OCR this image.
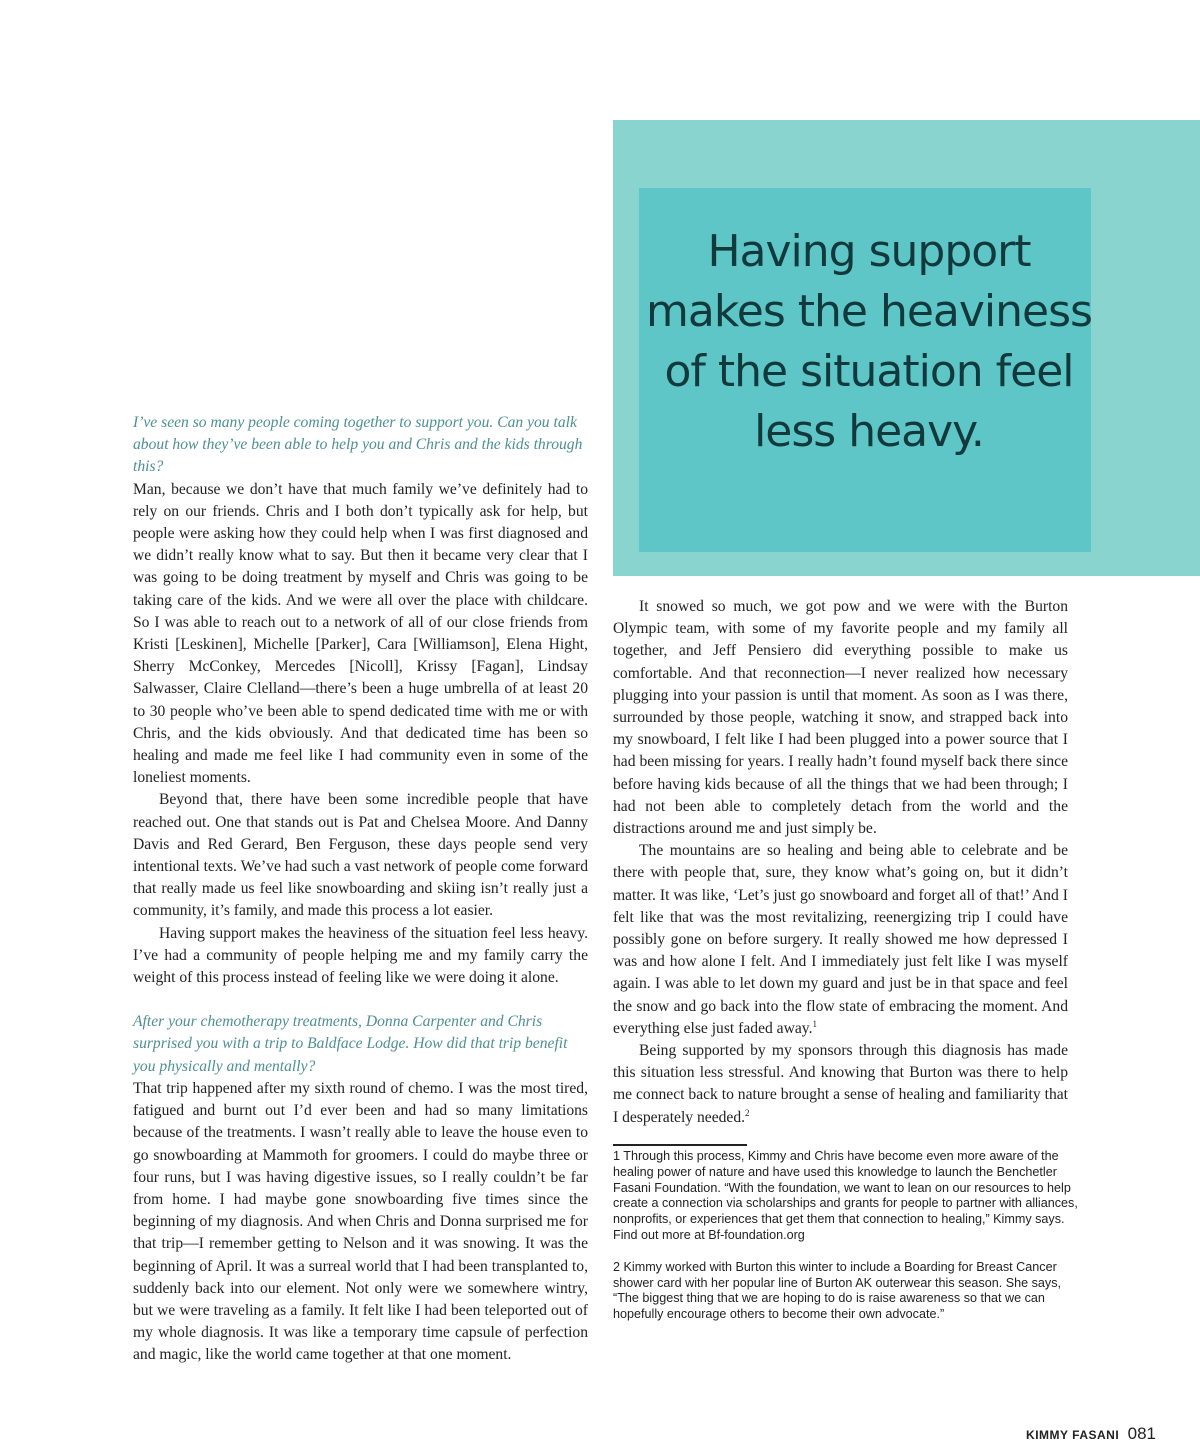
Having support makes the heaviness of the situation feel less heavy.

I’ve seen so many people coming together to support you. Can you talk about how they’ve been able to help you and Chris and the kids through this?

Man, because we don’t have that much family we’ve definitely had to rely on our friends. Chris and I both don’t typically ask for help, but people were asking how they could help when I was first diagnosed and we didn’t really know what to say. But then it became very clear that I was going to be doing treatment by myself and Chris was going to be taking care of the kids. And we were all over the place with childcare. So I was able to reach out to a network of all of our close friends from Kristi [Leskinen], Michelle [Parker], Cara [Williamson], Elena Hight, Sherry McConkey, Mercedes [Nicoll], Krissy [Fagan], Lindsay Salwasser, Claire Clelland—there’s been a huge umbrella of at least 20 to 30 people who’ve been able to spend dedicated time with me or with Chris, and the kids obviously. And that dedicated time has been so healing and made me feel like I had community even in some of the loneliest moments.

Beyond that, there have been some incredible people that have reached out. One that stands out is Pat and Chelsea Moore. And Danny Davis and Red Gerard, Ben Ferguson, these days people send very intentional texts. We’ve had such a vast network of people come forward that really made us feel like snowboarding and skiing isn’t really just a community, it’s family, and made this process a lot easier.

Having support makes the heaviness of the situation feel less heavy. I’ve had a community of people helping me and my family carry the weight of this process instead of feeling like we were doing it alone.

After your chemotherapy treatments, Donna Carpenter and Chris surprised you with a trip to Baldface Lodge. How did that trip benefit you physically and mentally?

That trip happened after my sixth round of chemo. I was the most tired, fatigued and burnt out I’d ever been and had so many limitations because of the treatments. I wasn’t really able to leave the house even to go snowboarding at Mammoth for groomers. I could do maybe three or four runs, but I was having digestive issues, so I really couldn’t be far from home. I had maybe gone snowboarding five times since the beginning of my diagnosis. And when Chris and Donna surprised me for that trip—I remember getting to Nelson and it was snowing. It was the beginning of April. It was a surreal world that I had been transplanted to, suddenly back into our element. Not only were we somewhere wintry, but we were traveling as a family. It felt like I had been teleported out of my whole diagnosis. It was like a temporary time capsule of perfection and magic, like the world came together at that one moment.

It snowed so much, we got pow and we were with the Burton Olympic team, with some of my favorite people and my family all together, and Jeff Pensiero did everything possible to make us comfortable. And that reconnection—I never realized how necessary plugging into your passion is until that moment. As soon as I was there, surrounded by those people, watching it snow, and strapped back into my snowboard, I felt like I had been plugged into a power source that I had been missing for years. I really hadn’t found myself back there since before having kids because of all the things that we had been through; I had not been able to completely detach from the world and the distractions around me and just simply be.

The mountains are so healing and being able to celebrate and be there with people that, sure, they know what’s going on, but it didn’t matter. It was like, ‘Let’s just go snowboard and forget all of that!’ And I felt like that was the most revitalizing, reenergizing trip I could have possibly gone on before surgery. It really showed me how depressed I was and how alone I felt. And I immediately just felt like I was myself again. I was able to let down my guard and just be in that space and feel the snow and go back into the flow state of embracing the moment. And everything else just faded away.$^1$

Being supported by my sponsors through this diagnosis has made this situation less stressful. And knowing that Burton was there to help me connect back to nature brought a sense of healing and familiarity that I desperately needed.$^2$

1 Through this process, Kimmy and Chris have become even more aware of the healing power of nature and have used this knowledge to launch the Benchetler Fasani Foundation. “With the foundation, we want to lean on our resources to help create a connection via scholarships and grants for people to partner with alliances, nonprofits, or experiences that get them that connection to healing,” Kimmy says. Find out more at Bf-foundation.org

2 Kimmy worked with Burton this winter to include a Boarding for Breast Cancer shower card with her popular line of Burton AK outerwear this season. She says, “The biggest thing that we are hoping to do is raise awareness so that we can hopefully encourage others to become their own advocate.”

KIMMY FASANI 081
